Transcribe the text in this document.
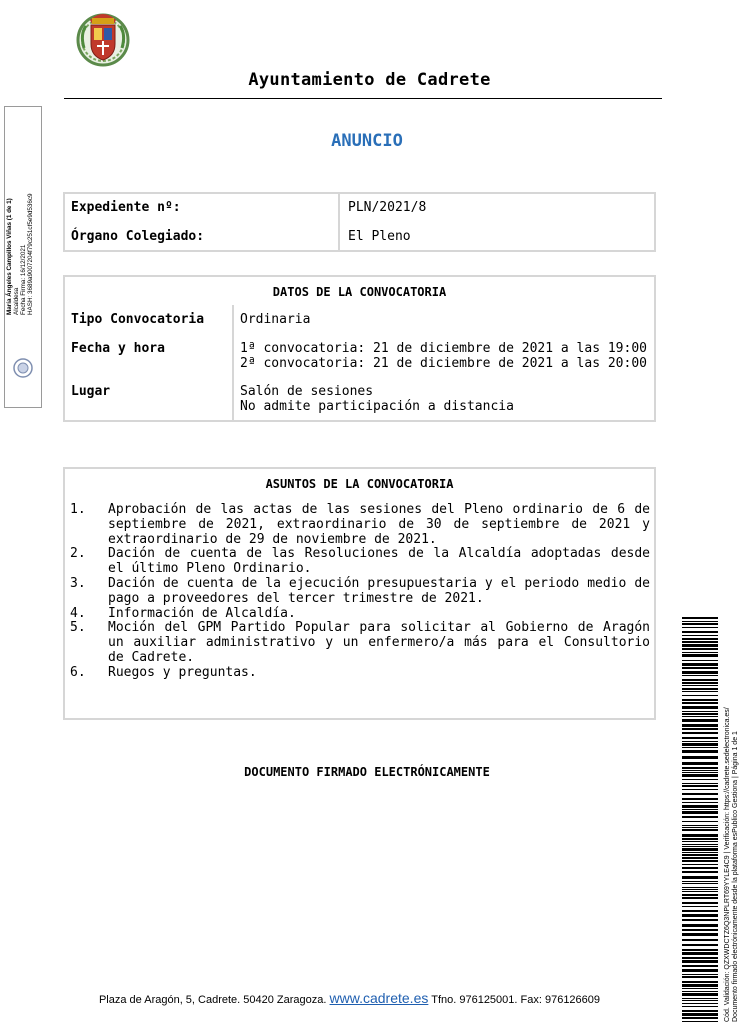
Ayuntamiento de Cadrete
ANUNCIO
Expediente nº:	PLN/2021/8
Órgano Colegiado:	El Pleno
DATOS DE LA CONVOCATORIA
Tipo Convocatoria	Ordinaria
Fecha y hora	1ª convocatoria: 21 de diciembre de 2021 a las 19:00
2ª convocatoria: 21 de diciembre de 2021 a las 20:00
Lugar	Salón de sesiones
No admite participación a distancia
ASUNTOS DE LA CONVOCATORIA
1. Aprobación de las actas de las sesiones del Pleno ordinario de 6 de septiembre de 2021, extraordinario de 30 de septiembre de 2021 y extraordinario de 29 de noviembre de 2021.
2. Dación de cuenta de las Resoluciones de la Alcaldía adoptadas desde el último Pleno Ordinario.
3. Dación de cuenta de la ejecución presupuestaria y el periodo medio de pago a proveedores del tercer trimestre de 2021.
4. Información de Alcaldía.
5. Moción del GPM Partido Popular para solicitar al Gobierno de Aragón un auxiliar administrativo y un enfermero/a más para el Consultorio de Cadrete.
6. Ruegos y preguntas.
DOCUMENTO FIRMADO ELECTRÓNICAMENTE
María Ángeles Campillos Viñas (1 de 1) Alcaldesa Fecha Firma: 16/12/2021 HASH: 3689a9007204f79c251cf5e9d536c9
Cód. Validación: QZXWDCTZ6Q3NPLRT69YYLE4C9 | Verificación: https://cadrete.sedelectronica.es/ Documento firmado electrónicamente desde la plataforma esPublico Gestiona | Página 1 de 1
Plaza de Aragón, 5, Cadrete. 50420 Zaragoza. www.cadrete.es Tfno. 976125001. Fax: 976126609
